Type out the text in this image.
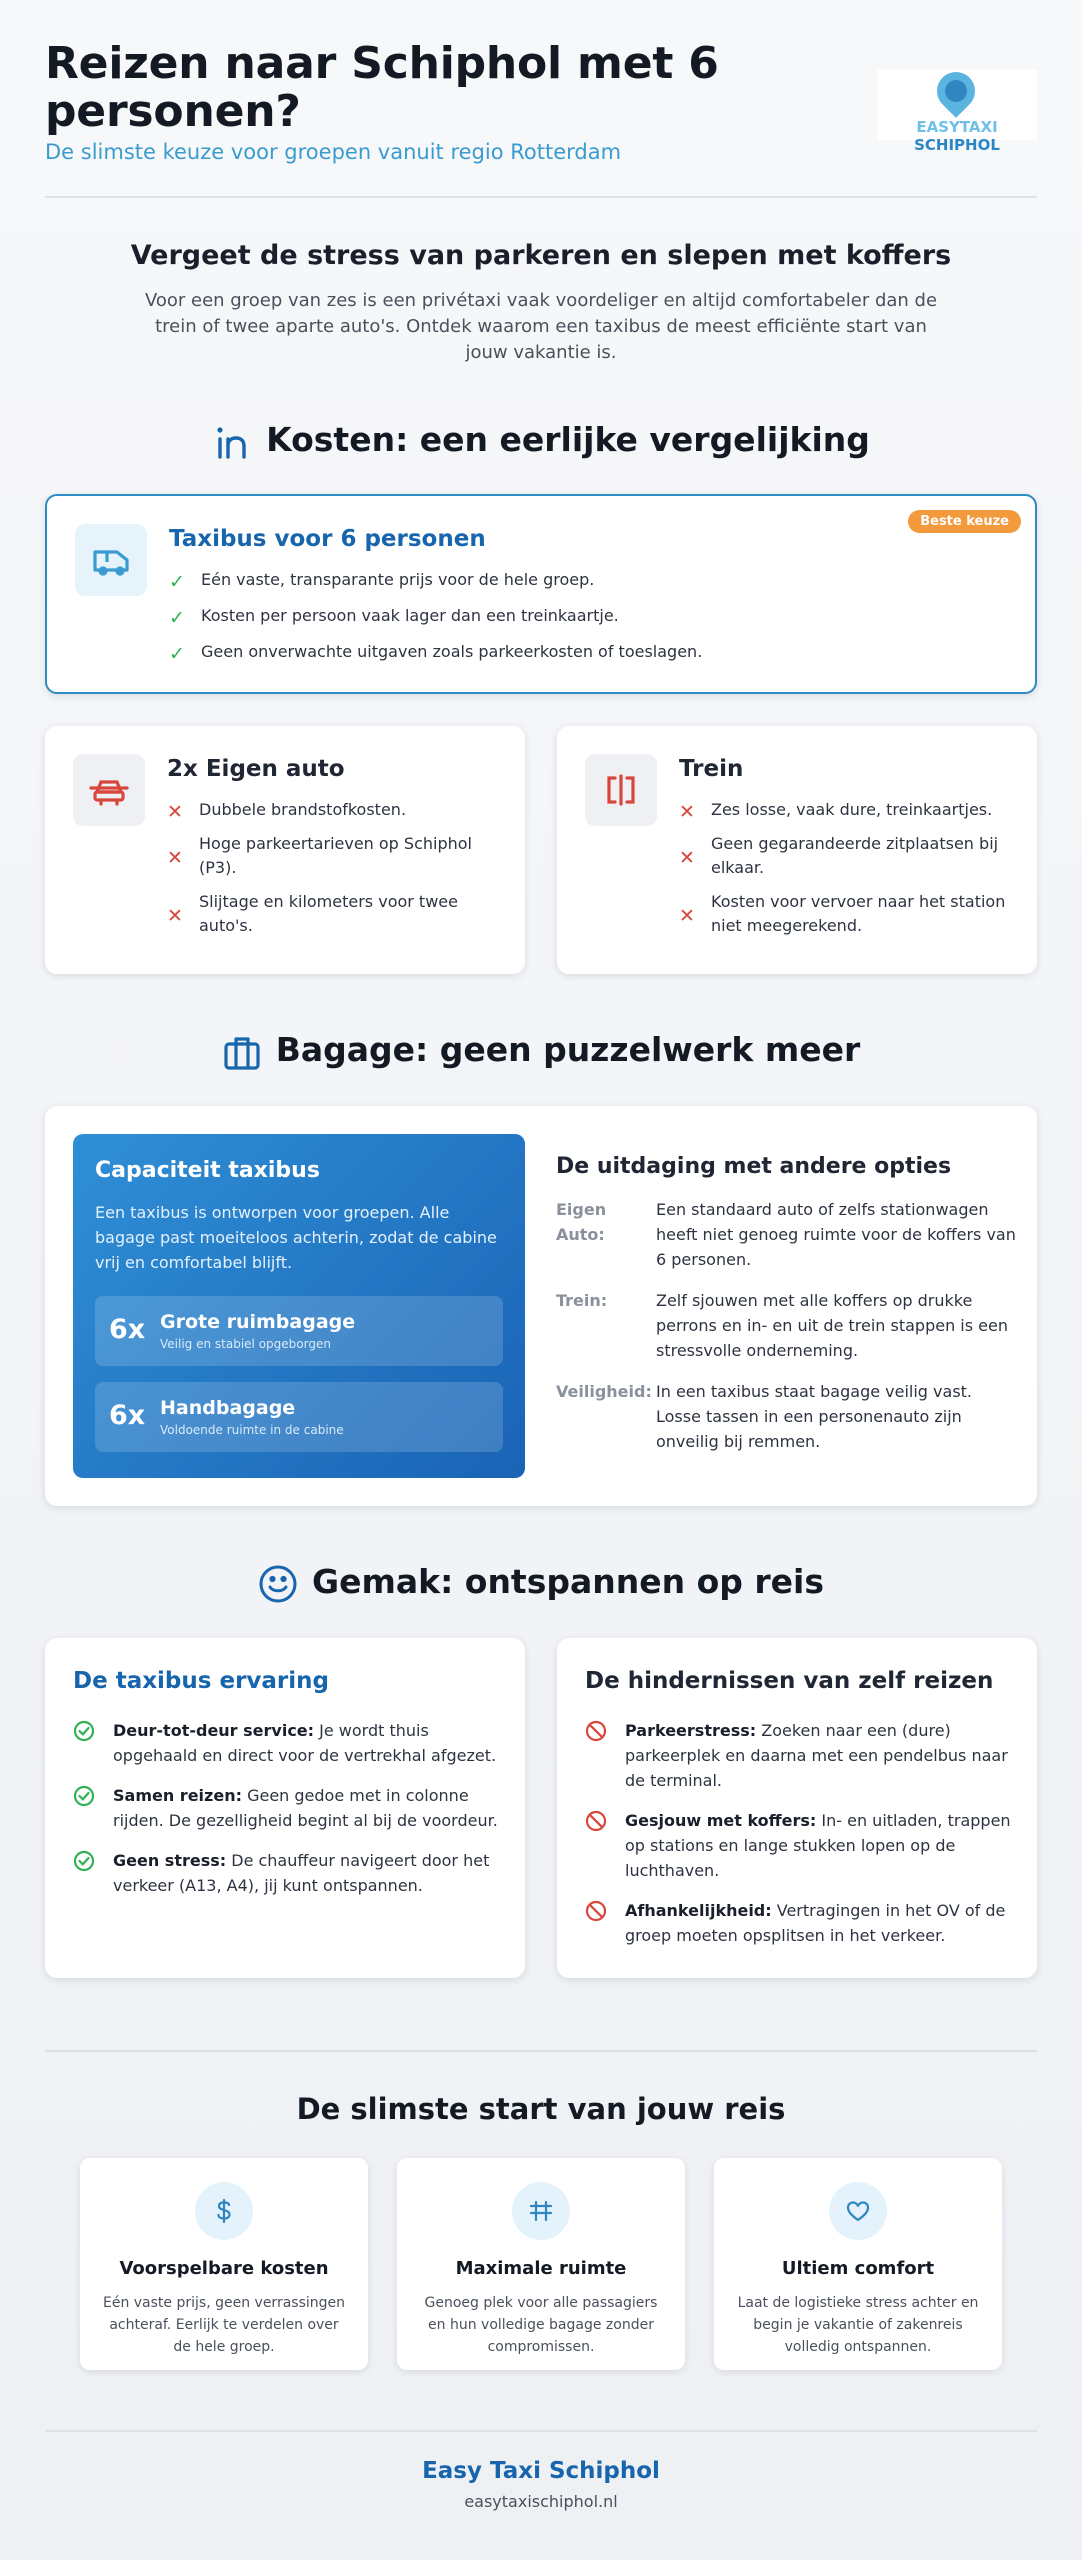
Reizen naar Schiphol met 6 personen?
De slimste keuze voor groepen vanuit regio Rotterdam
EASYTAXI SCHIPHOL
Vergeet de stress van parkeren en slepen met koffers
Voor een groep van zes is een privétaxi vaak voordeliger en altijd comfortabeler dan de trein of twee aparte auto's. Ontdek waarom een taxibus de meest efficiënte start van jouw vakantie is.
Kosten: een eerlijke vergelijking
Beste keuze
Taxibus voor 6 personen
✓ Eén vaste, transparante prijs voor de hele groep.
✓ Kosten per persoon vaak lager dan een treinkaartje.
✓ Geen onverwachte uitgaven zoals parkeerkosten of toeslagen.
2x Eigen auto
✕ Dubbele brandstofkosten.
✕
Hoge parkeertarieven op Schiphol (P3).
✕
Slijtage en kilometers voor twee auto's.
Trein
✕ Zes losse, vaak dure, treinkaartjes.
✕
Geen gegarandeerde zitplaatsen bij elkaar.
✕
Kosten voor vervoer naar het station niet meegerekend.
Bagage: geen puzzelwerk meer
Capaciteit taxibus

Een taxibus is ontworpen voor groepen. Alle bagage past moeiteloos achterin, zodat de cabine vrij en comfortabel blijft.

6x Grote ruimbagage
Veilig en stabiel opgeborgen
6x Handbagage
Voldoende ruimte in de cabine
De uitdaging met andere opties
Eigen Auto:
Een standaard auto of zelfs stationwagen heeft niet genoeg ruimte voor de koffers van 6 personen.
Trein:	Zelf sjouwen met alle koffers op drukke perrons en in- en uit de trein stappen is een stressvolle onderneming.
Veiligheid: In een taxibus staat bagage veilig vast. Losse tassen in een personenauto zijn onveilig bij remmen.
Gemak: ontspannen op reis
De taxibus ervaring
Deur-tot-deur service: Je wordt thuis opgehaald en direct voor de vertrekhal afgezet.
Samen reizen: Geen gedoe met in colonne rijden. De gezelligheid begint al bij de voordeur.
Geen stress: De chauffeur navigeert door het verkeer (A13, A4), jij kunt ontspannen.
De hindernissen van zelf reizen
Parkeerstress: Zoeken naar een (dure) parkeerplek en daarna met een pendelbus naar de terminal.
Gesjouw met koffers: In- en uitladen, trappen op stations en lange stukken lopen op de luchthaven.
Afhankelijkheid: Vertragingen in het OV of de groep moeten opsplitsen in het verkeer.
De slimste start van jouw reis
Voorspelbare kosten
Eén vaste prijs, geen verrassingen achteraf. Eerlijk te verdelen over de hele groep.
Maximale ruimte
Genoeg plek voor alle passagiers en hun volledige bagage zonder compromissen.
Ultiem comfort
Laat de logistieke stress achter en begin je vakantie of zakenreis volledig ontspannen.
Easy Taxi Schiphol
easytaxischiphol.nl
